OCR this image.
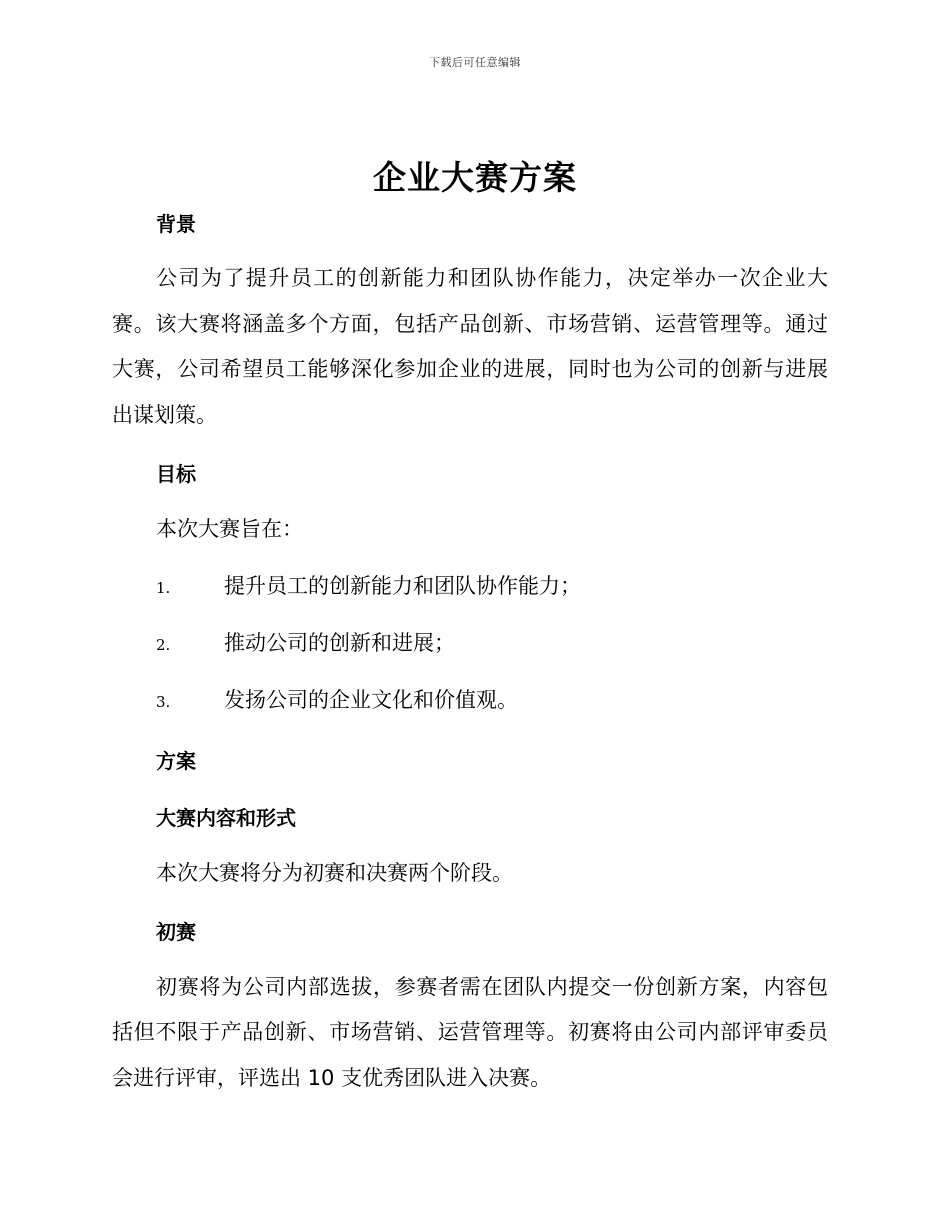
下载后可任意编辑
企业大赛方案
背景
公司为了提升员工的创新能力和团队协作能力，决定举办一次企业大
赛。该大赛将涵盖多个方面，包括产品创新、市场营销、运营管理等。通过
大赛，公司希望员工能够深化参加企业的进展，同时也为公司的创新与进展
出谋划策。
目标
本次大赛旨在：
1.	提升员工的创新能力和团队协作能力；
2.	推动公司的创新和进展；
3.	发扬公司的企业文化和价值观。
方案
大赛内容和形式
本次大赛将分为初赛和决赛两个阶段。
初赛
初赛将为公司内部选拔，参赛者需在团队内提交一份创新方案，内容包
括但不限于产品创新、市场营销、运营管理等。初赛将由公司内部评审委员
会进行评审，评选出 10 支优秀团队进入决赛。
